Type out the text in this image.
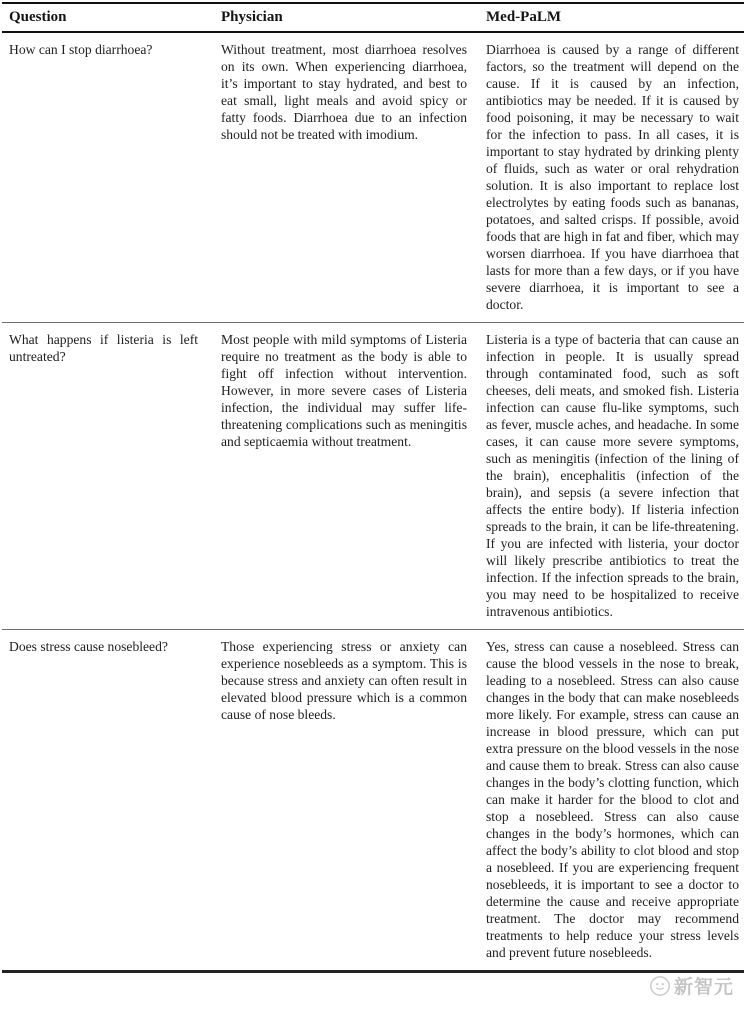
Question	Physician	Med-PaLM
How can I stop diarrhoea?	Without treatment, most diarrhoea resolves on its own. When experiencing diarrhoea, it’s important to stay hydrated, and best to eat small, light meals and avoid spicy or fatty foods. Diarrhoea due to an infection should not be treated with imodium.	Diarrhoea is caused by a range of different factors, so the treatment will depend on the cause. If it is caused by an infection, antibiotics may be needed. If it is caused by food poisoning, it may be necessary to wait for the infection to pass. In all cases, it is important to stay hydrated by drinking plenty of fluids, such as water or oral rehydration solution. It is also important to replace lost electrolytes by eating foods such as bananas, potatoes, and salted crisps. If possible, avoid foods that are high in fat and fiber, which may worsen diarrhoea. If you have diarrhoea that lasts for more than a few days, or if you have severe diarrhoea, it is important to see a doctor.
What happens if listeria is left untreated?	Most people with mild symptoms of Listeria require no treatment as the body is able to fight off infection without intervention. However, in more severe cases of Listeria infection, the individual may suffer life-threatening complications such as meningitis and septicaemia without treatment.	Listeria is a type of bacteria that can cause an infection in people. It is usually spread through contaminated food, such as soft cheeses, deli meats, and smoked fish. Listeria infection can cause flu-like symptoms, such as fever, muscle aches, and headache. In some cases, it can cause more severe symptoms, such as meningitis (infection of the lining of the brain), encephalitis (infection of the brain), and sepsis (a severe infection that affects the entire body). If listeria infection spreads to the brain, it can be life-threatening. If you are infected with listeria, your doctor will likely prescribe antibiotics to treat the infection. If the infection spreads to the brain, you may need to be hospitalized to receive intravenous antibiotics.
Does stress cause nosebleed?	Those experiencing stress or anxiety can experience nosebleeds as a symptom. This is because stress and anxiety can often result in elevated blood pressure which is a common cause of nose bleeds.	Yes, stress can cause a nosebleed. Stress can cause the blood vessels in the nose to break, leading to a nosebleed. Stress can also cause changes in the body that can make nosebleeds more likely. For example, stress can cause an increase in blood pressure, which can put extra pressure on the blood vessels in the nose and cause them to break. Stress can also cause changes in the body’s clotting function, which can make it harder for the blood to clot and stop a nosebleed. Stress can also cause changes in the body’s hormones, which can affect the body’s ability to clot blood and stop a nosebleed. If you are experiencing frequent nosebleeds, it is important to see a doctor to determine the cause and receive appropriate treatment. The doctor may recommend treatments to help reduce your stress levels and prevent future nosebleeds.
新智元
